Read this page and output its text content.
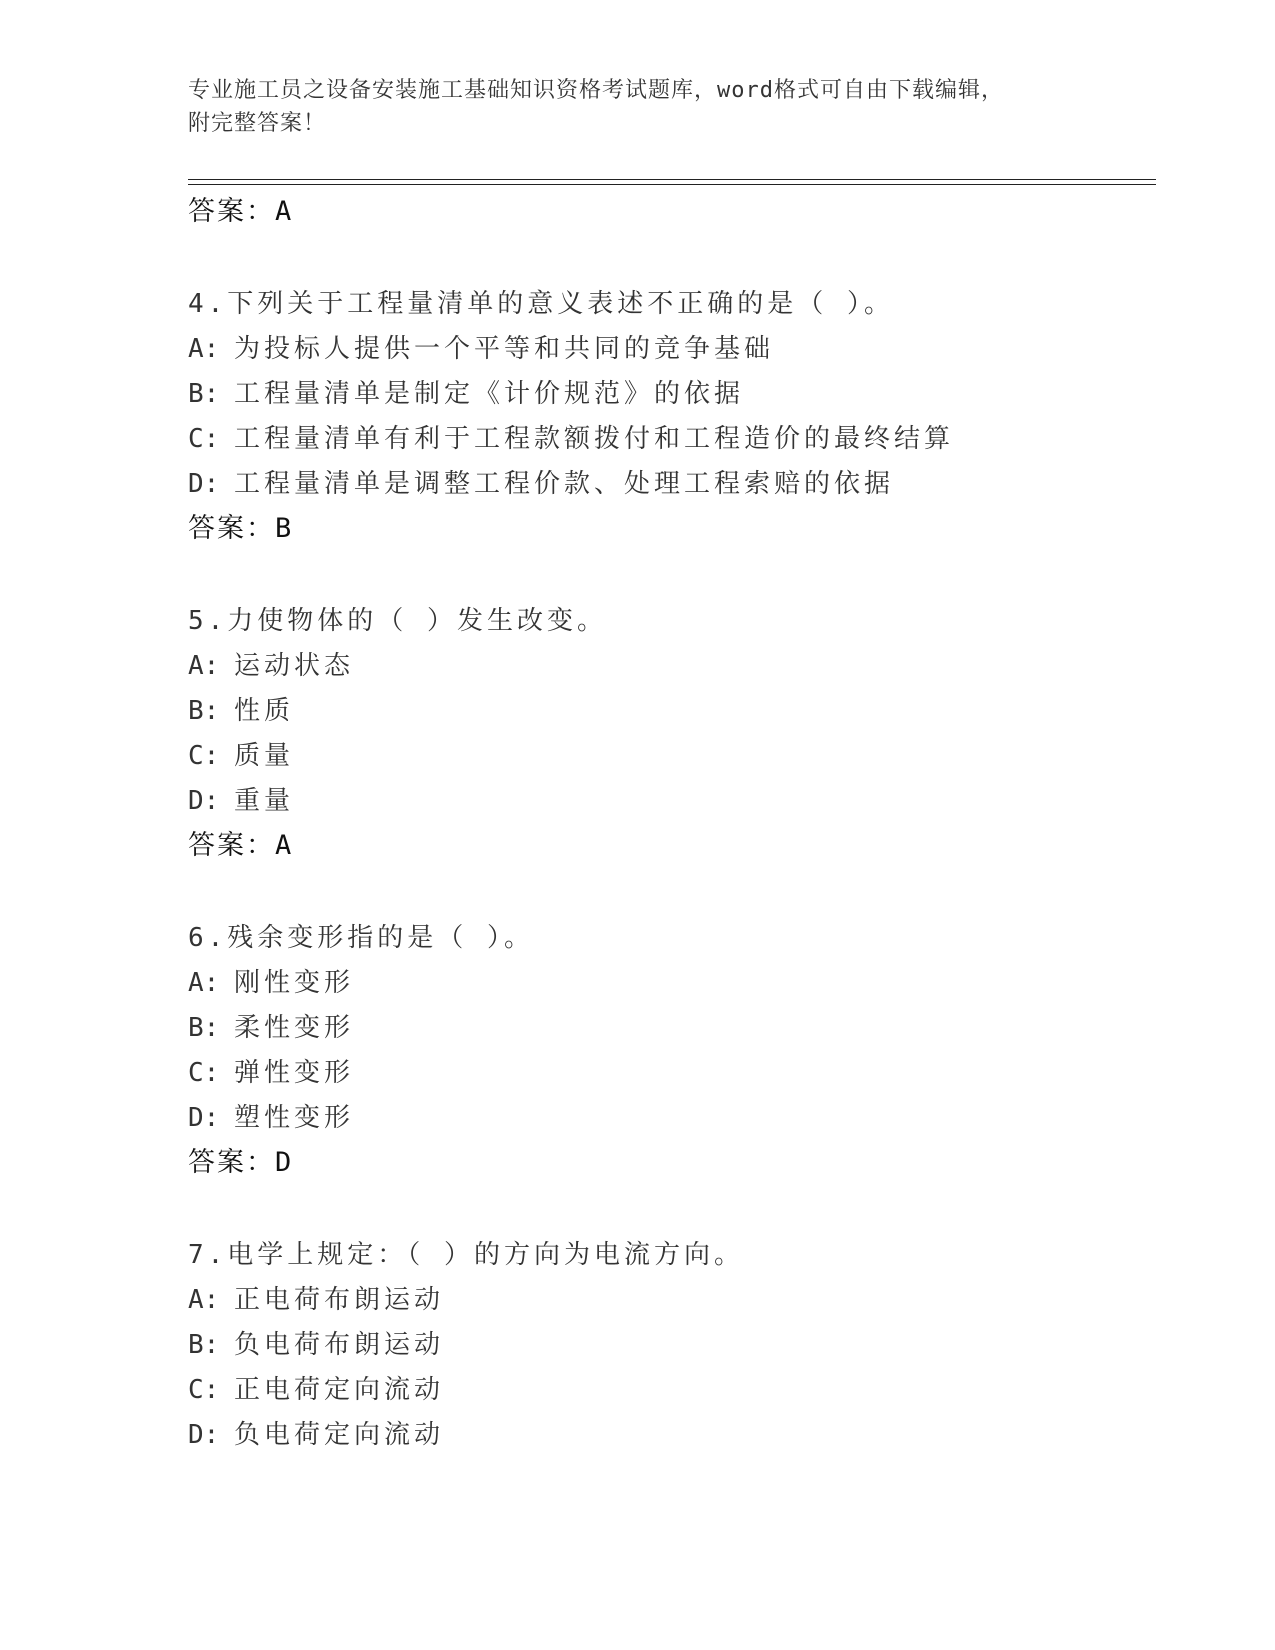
专业施工员之设备安装施工基础知识资格考试题库，word格式可自由下载编辑，
附完整答案！
答案：A
4.下列关于工程量清单的意义表述不正确的是（ ）。
A: 为投标人提供一个平等和共同的竞争基础
B: 工程量清单是制定《计价规范》的依据
C: 工程量清单有利于工程款额拨付和工程造价的最终结算
D: 工程量清单是调整工程价款、处理工程索赔的依据
答案：B
5.力使物体的（ ）发生改变。
A: 运动状态
B: 性质
C: 质量
D: 重量
答案：A
6.残余变形指的是（ ）。
A: 刚性变形
B: 柔性变形
C: 弹性变形
D: 塑性变形
答案：D
7.电学上规定：（ ）的方向为电流方向。
A: 正电荷布朗运动
B: 负电荷布朗运动
C: 正电荷定向流动
D: 负电荷定向流动
